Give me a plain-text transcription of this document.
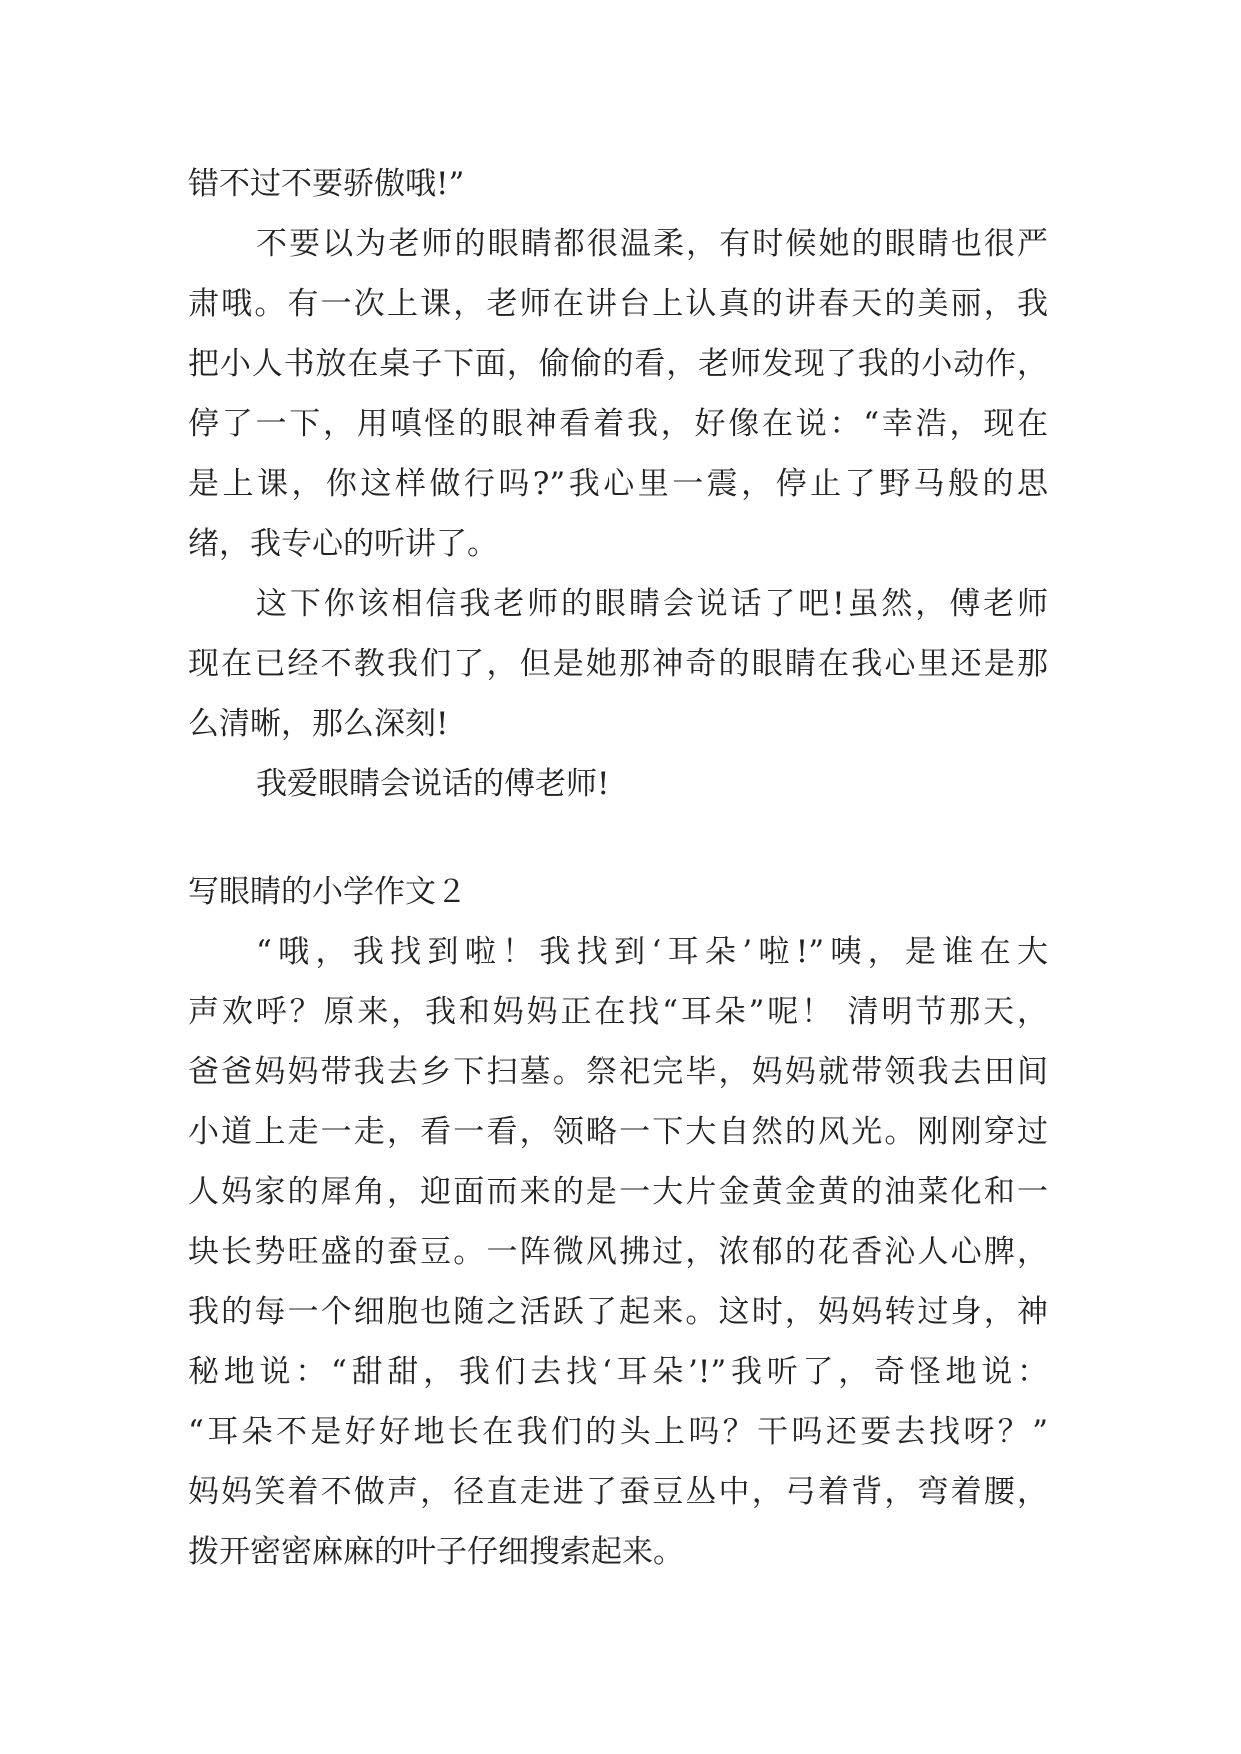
错不过不要骄傲哦!”
不要以为老师的眼睛都很温柔，有时候她的眼睛也很严
肃哦。有一次上课，老师在讲台上认真的讲春天的美丽，我
把小人书放在桌子下面，偷偷的看，老师发现了我的小动作，
停了一下，用嗔怪的眼神看着我，好像在说：“幸浩，现在
是上课，你这样做行吗?”我心里一震，停止了野马般的思
绪，我专心的听讲了。
这下你该相信我老师的眼睛会说话了吧!虽然，傅老师
现在已经不教我们了，但是她那神奇的眼睛在我心里还是那
么清晰，那么深刻!
我爱眼睛会说话的傅老师!
写眼睛的小学作文２
“哦，我找到啦！我找到‘耳朵’啦!”咦，是谁在大
声欢呼？原来，我和妈妈正在找“耳朵”呢！ 清明节那天，
爸爸妈妈带我去乡下扫墓。祭祀完毕，妈妈就带领我去田间
小道上走一走，看一看，领略一下大自然的风光。刚刚穿过
人妈家的犀角，迎面而来的是一大片金黄金黄的油菜化和一
块长势旺盛的蚕豆。一阵微风拂过，浓郁的花香沁人心脾，
我的每一个细胞也随之活跃了起来。这时，妈妈转过身，神
秘地说：“甜甜，我们去找‘耳朵’!”我听了，奇怪地说：
“耳朵不是好好地长在我们的头上吗？干吗还要去找呀？”
妈妈笑着不做声，径直走进了蚕豆丛中，弓着背，弯着腰，
拨开密密麻麻的叶子仔细搜索起来。
